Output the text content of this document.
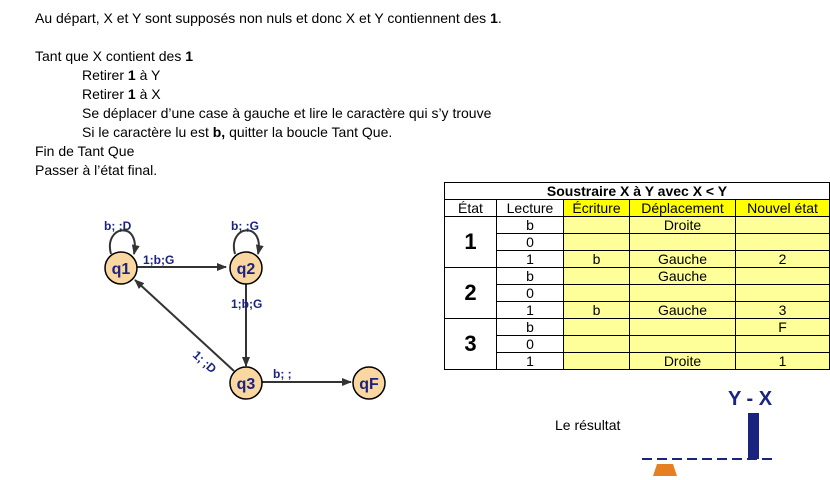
Au départ, X et Y sont supposés non nuls et donc X et Y contiennent des 1.

Tant que X contient des 1

Retirer 1 à Y

Retirer 1 à X

Se déplacer d’une case à gauche et lire le caractère qui s’y trouve

Si le caractère lu est b, quitter la boucle Tant Que.

Fin de Tant Que

Passer à l’état final.

q1	q2
q3	qF
b; ;D	b; ;G
1;b;G
1;b;G
1; ;D	b; ;
Soustraire X à Y avec X < Y				
État	Lecture	Écriture	Déplacement	Nouvel état
1	b		Droite	
	0			
	1	b	Gauche	2
2	b		Gauche	
	0			
	1	b	Gauche	3
3	b			F
	0			
	1		Droite	1
Le résultat
Y - X
